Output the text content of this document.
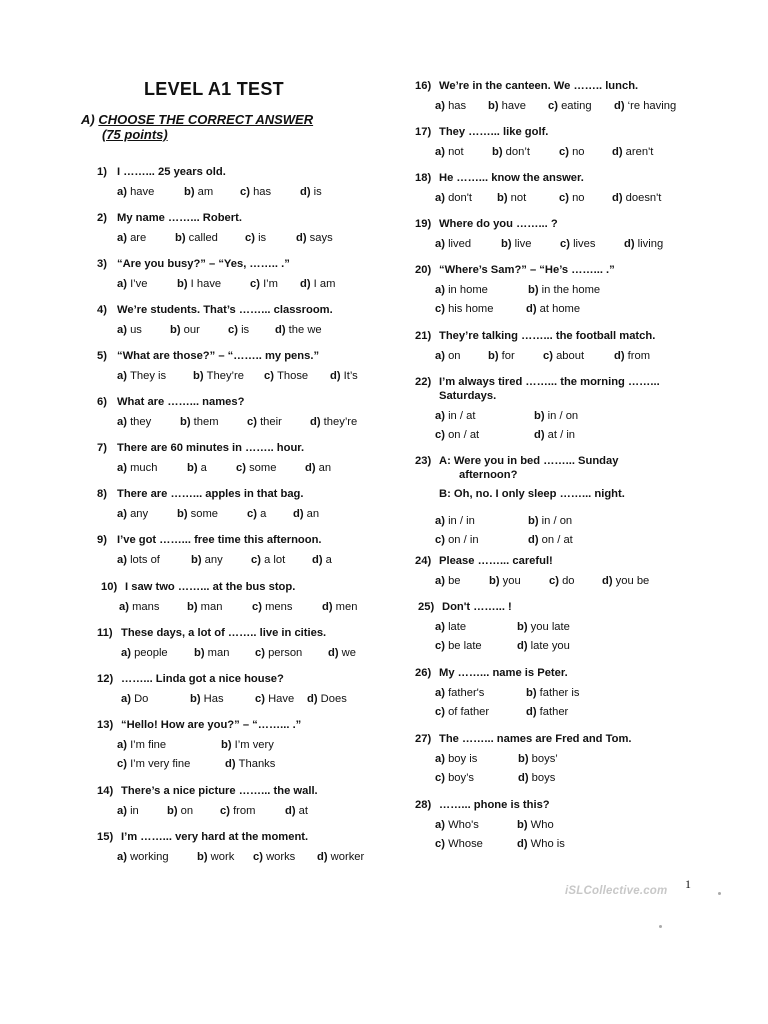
LEVEL A1 TEST
A) CHOOSE THE CORRECT ANSWER
(75 points)
1) I ……... 25 years old.
a) have	b) am c) has	d) is
2) My name ……... Robert.
a) are	b) called c) is	d) says
3) “Are you busy?” – “Yes, …….. .”
a) I’ve	b) I have	c) I’m d) I am
4) We’re students. That’s ……... classroom.
a) us	b) our	c) is d) the we
5) “What are those?” – “…….. my pens.”
a) They is b) They’re c) Those d) It’s
6) What are ……... names?
a) they	b) them	c) their	d) they’re
7) There are 60 minutes in …….. hour.
a) much	b) a	c) some	d) an
8) There are ……... apples in that bag.
a) any	b) some	c) a d) an
9) I’ve got ……... free time this afternoon.
a) lots of	b) any	c) a lot d) a
10) I saw two ……... at the bus stop.
a) mans b) man	c) mens	d) men
11) These days, a lot of …….. live in cities.
a) people b) man c) person d) we
12) ……... Linda got a nice house?
a) Do	b) Has	c) Have d) Does
13) “Hello! How are you?” – “……... .”
a) I’m fine	b) I’m very
c) I’m very fine	d) Thanks
14) There’s a nice picture ……... the wall.
a) in	b) on c) from	d) at
15) I’m ……... very hard at the moment.
a) working	b) work c) works d) worker
16) We’re in the canteen. We …….. lunch.
a) has b) have c) eating d) ‘re having
17) They ……... like golf.
a) not	b) don’t	c) no d) aren't
18) He ……... know the answer.
a) don't b) not	c) no d) doesn't
19) Where do you ……... ?
a) lived	b) live	c) lives	d) living
20) “Where’s Sam?” – “He’s ……... .”
a) in home	b) in the home
c) his home	d) at home
21) They’re talking ……... the football match.
a) on b) for	c) about	d) from
22) I’m always tired ……... the morning ……...
Saturdays.
a) in / at	b) in / on
c) on / at	d) at / in
23) A: Were you in bed ……... Sunday
afternoon?
B: Oh, no. I only sleep ……... night.
a) in / in	b) in / on
c) on / in	d) on / at
24) Please ……... careful!
a) be	b) you	c) do d) you be
25) Don't ……... !
a) late	b) you late
c) be late	d) late you
26) My ……... name is Peter.
a) father's	b) father is
c) of father	d) father
27) The ……... names are Fred and Tom.
a) boy is	b) boys’
c) boy’s	d) boys
28) ……... phone is this?
a) Who's	b) Who
c) Whose	d) Who is
iSLCollective.com 1
